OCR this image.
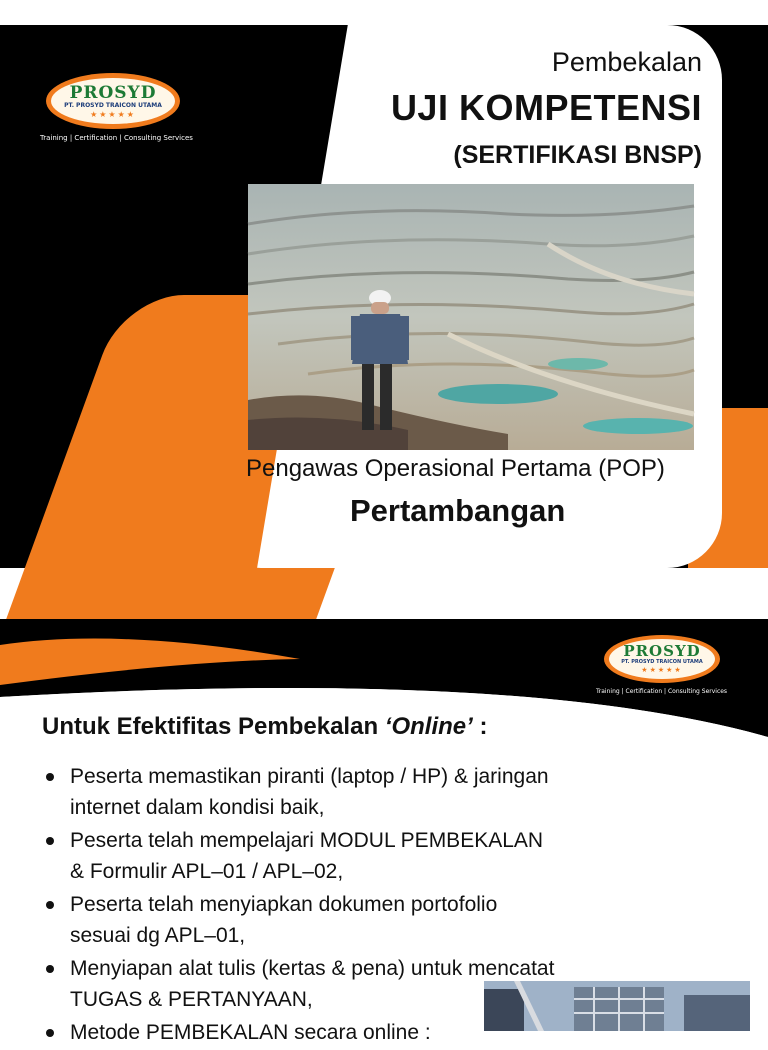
PROSYD
PT. PROSYD TRAICON UTAMA
★★★★★
Training | Certification | Consulting Services
Pembekalan
UJI KOMPETENSI
(SERTIFIKASI BNSP)
Pengawas Operasional Pertama (POP)
Pertambangan
PROSYD
PT. PROSYD TRAICON UTAMA
★★★★★
Training | Certification | Consulting Services
Untuk Efektifitas Pembekalan ‘Online’ :
Peserta memastikan piranti (laptop / HP) & jaringan internet dalam kondisi baik,
Peserta telah mempelajari MODUL PEMBEKALAN & Formulir APL–01 / APL–02,
Peserta telah menyiapkan dokumen portofolio sesuai dg APL–01,
Menyiapan alat tulis (kertas & pena) untuk mencatat TUGAS & PERTANYAAN,
Metode PEMBEKALAN secara online :
